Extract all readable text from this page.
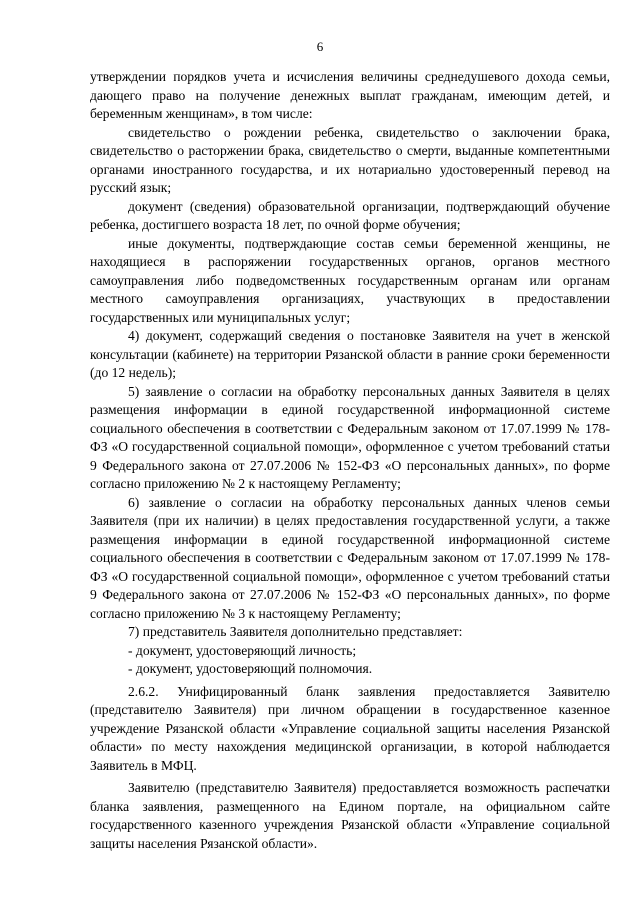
6

утверждении порядков учета и исчисления величины среднедушевого дохода семьи, дающего право на получение денежных выплат гражданам, имеющим детей, и беременным женщинам», в том числе:

свидетельство о рождении ребенка, свидетельство о заключении брака, свидетельство о расторжении брака, свидетельство о смерти, выданные компетентными органами иностранного государства, и их нотариально удостоверенный перевод на русский язык;

документ (сведения) образовательной организации, подтверждающий обучение ребенка, достигшего возраста 18 лет, по очной форме обучения;

иные документы, подтверждающие состав семьи беременной женщины, не находящиеся в распоряжении государственных органов, органов местного самоуправления либо подведомственных государственным органам или органам местного самоуправления организациях, участвующих в предоставлении государственных или муниципальных услуг;

4) документ, содержащий сведения о постановке Заявителя на учет в женской консультации (кабинете) на территории Рязанской области в ранние сроки беременности (до 12 недель);

5) заявление о согласии на обработку персональных данных Заявителя в целях размещения информации в единой государственной информационной системе социального обеспечения в соответствии с Федеральным законом от 17.07.1999 № 178-ФЗ «О государственной социальной помощи», оформленное с учетом требований статьи 9 Федерального закона от 27.07.2006 № 152-ФЗ «О персональных данных», по форме согласно приложению № 2 к настоящему Регламенту;

6) заявление о согласии на обработку персональных данных членов семьи Заявителя (при их наличии) в целях предоставления государственной услуги, а также размещения информации в единой государственной информационной системе социального обеспечения в соответствии с Федеральным законом от 17.07.1999 № 178-ФЗ «О государственной социальной помощи», оформленное с учетом требований статьи 9 Федерального закона от 27.07.2006 № 152-ФЗ «О персональных данных», по форме согласно приложению № 3 к настоящему Регламенту;

7) представитель Заявителя дополнительно представляет:

- документ, удостоверяющий личность;

- документ, удостоверяющий полномочия.

2.6.2. Унифицированный бланк заявления предоставляется Заявителю (представителю Заявителя) при личном обращении в государственное казенное учреждение Рязанской области «Управление социальной защиты населения Рязанской области» по месту нахождения медицинской организации, в которой наблюдается Заявитель в МФЦ.

Заявителю (представителю Заявителя) предоставляется возможность распечатки бланка заявления, размещенного на Едином портале, на официальном сайте государственного казенного учреждения Рязанской области «Управление социальной защиты населения Рязанской области».
